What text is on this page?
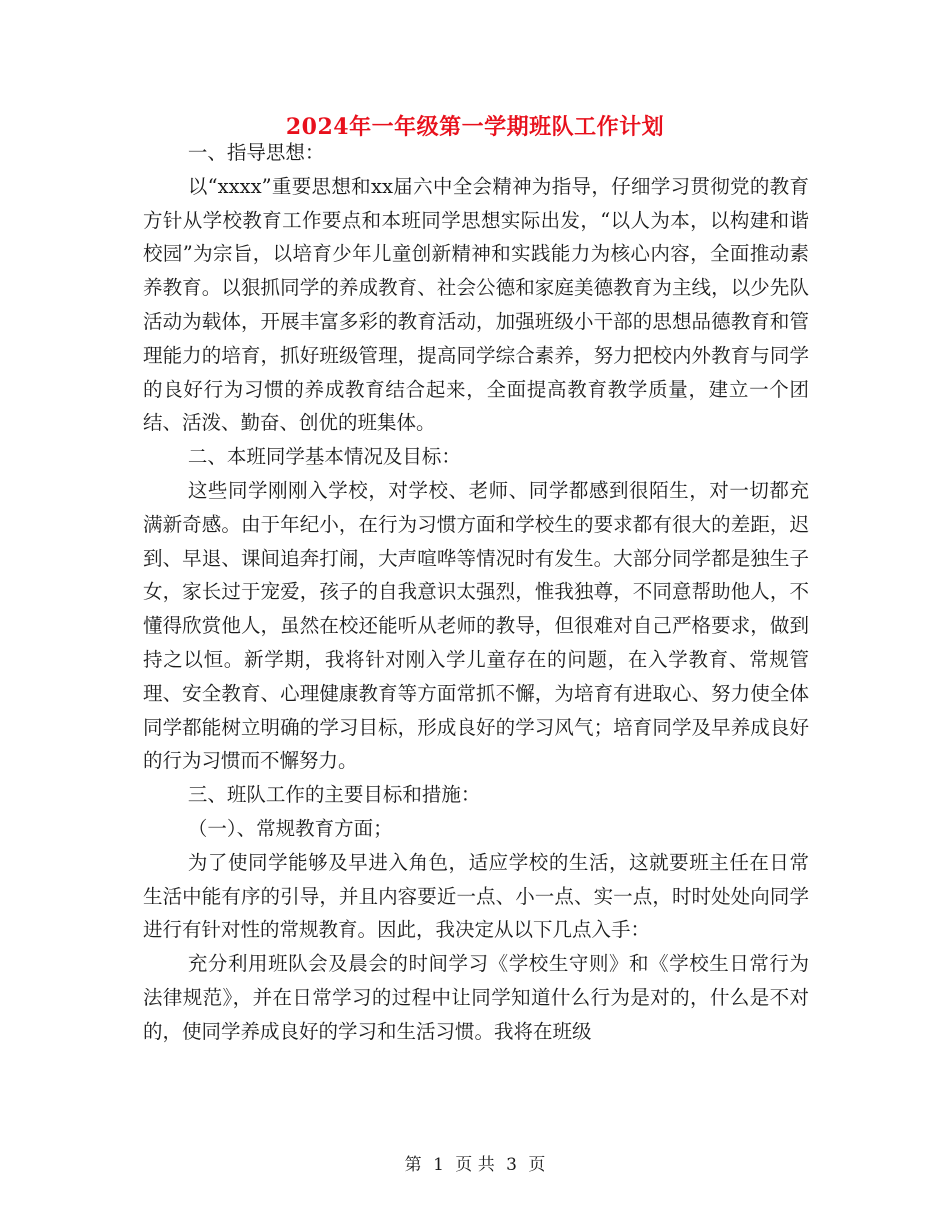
2024年一年级第一学期班队工作计划

一、指导思想：

以“xxxx”重要思想和xx届六中全会精神为指导，仔细学习贯彻党的教育方针从学校教育工作要点和本班同学思想实际出发，“以人为本，以构建和谐校园”为宗旨，以培育少年儿童创新精神和实践能力为核心内容，全面推动素养教育。以狠抓同学的养成教育、社会公德和家庭美德教育为主线，以少先队活动为载体，开展丰富多彩的教育活动，加强班级小干部的思想品德教育和管理能力的培育，抓好班级管理，提高同学综合素养，努力把校内外教育与同学的良好行为习惯的养成教育结合起来，全面提高教育教学质量，建立一个团结、活泼、勤奋、创优的班集体。

二、本班同学基本情况及目标：

这些同学刚刚入学校，对学校、老师、同学都感到很陌生，对一切都充满新奇感。由于年纪小，在行为习惯方面和学校生的要求都有很大的差距，迟到、早退、课间追奔打闹，大声喧哗等情况时有发生。大部分同学都是独生子女，家长过于宠爱，孩子的自我意识太强烈，惟我独尊，不同意帮助他人，不懂得欣赏他人，虽然在校还能听从老师的教导，但很难对自己严格要求，做到持之以恒。新学期，我将针对刚入学儿童存在的问题，在入学教育、常规管理、安全教育、心理健康教育等方面常抓不懈，为培育有进取心、努力使全体同学都能树立明确的学习目标，形成良好的学习风气；培育同学及早养成良好的行为习惯而不懈努力。

三、班队工作的主要目标和措施：

（一）、常规教育方面；

为了使同学能够及早进入角色，适应学校的生活，这就要班主任在日常生活中能有序的引导，并且内容要近一点、小一点、实一点，时时处处向同学进行有针对性的常规教育。因此，我决定从以下几点入手：

充分利用班队会及晨会的时间学习《学校生守则》和《学校生日常行为法律规范》，并在日常学习的过程中让同学知道什么行为是对的，什么是不对的，使同学养成良好的学习和生活习惯。我将在班级

第 1 页 共 3 页
